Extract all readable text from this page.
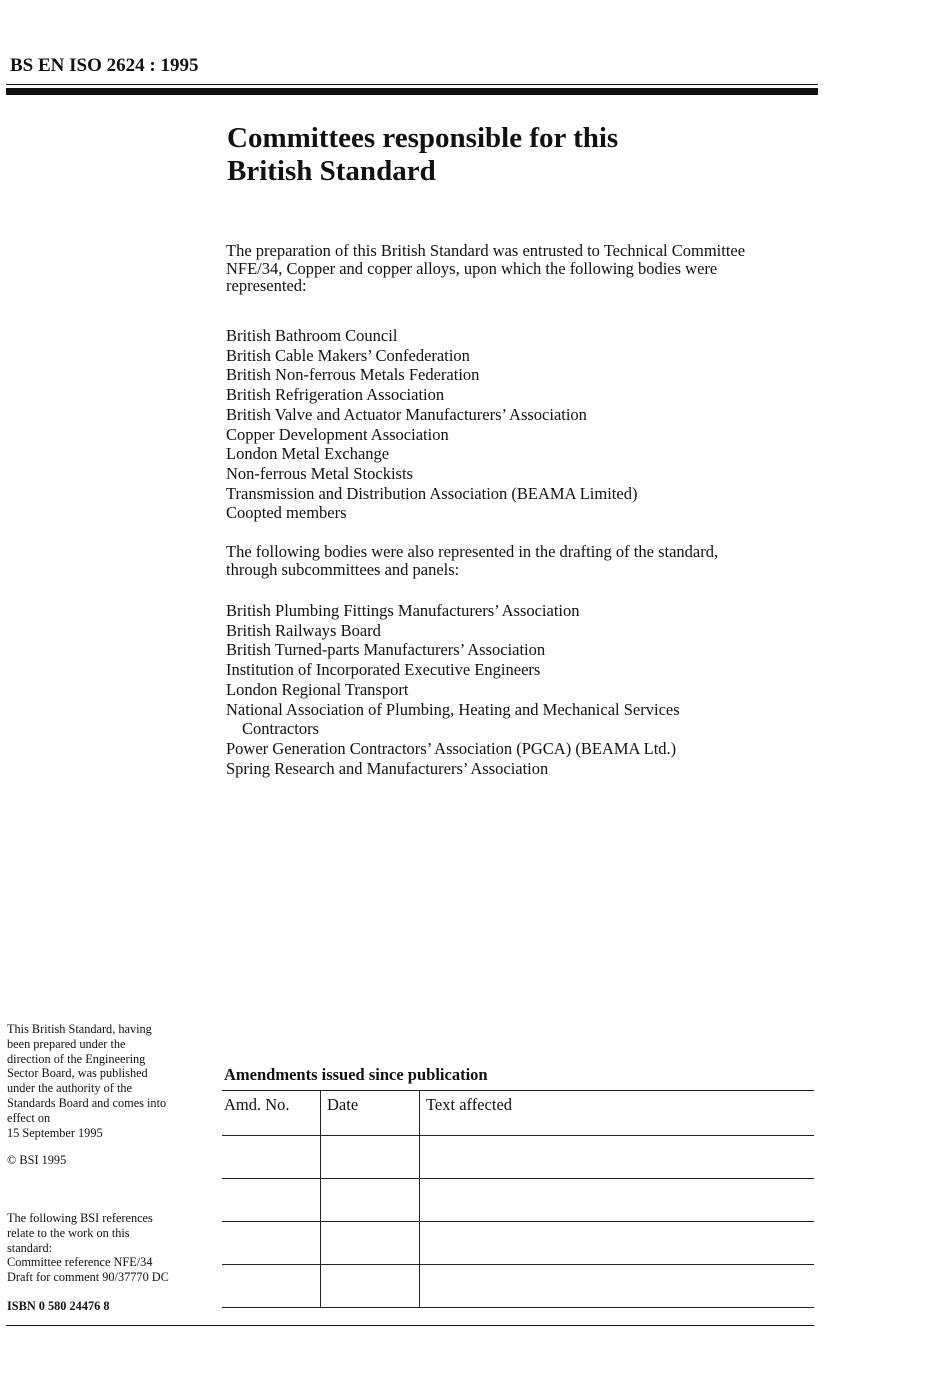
BS EN ISO 2624 : 1995
Committees responsible for this
British Standard

The preparation of this British Standard was entrusted to Technical Committee
NFE/34, Copper and copper alloys, upon which the following bodies were
represented:

British Bathroom Council
British Cable Makers’ Confederation
British Non-ferrous Metals Federation
British Refrigeration Association
British Valve and Actuator Manufacturers’ Association
Copper Development Association
London Metal Exchange
Non-ferrous Metal Stockists
Transmission and Distribution Association (BEAMA Limited)
Coopted members

The following bodies were also represented in the drafting of the standard,
through subcommittees and panels:

British Plumbing Fittings Manufacturers’ Association
British Railways Board
British Turned-parts Manufacturers’ Association
Institution of Incorporated Executive Engineers
London Regional Transport
National Association of Plumbing, Heating and Mechanical Services
Contractors
Power Generation Contractors’ Association (PGCA) (BEAMA Ltd.)
Spring Research and Manufacturers’ Association

This British Standard, having
been prepared under the
direction of the Engineering
Sector Board, was published
under the authority of the
Standards Board and comes into
effect on
15 September 1995

© BSI 1995

The following BSI references
relate to the work on this
standard:
Committee reference NFE/34
Draft for comment 90/37770 DC

ISBN 0 580 24476 8

Amendments issued since publication
Amd. No.	Date	Text affected
